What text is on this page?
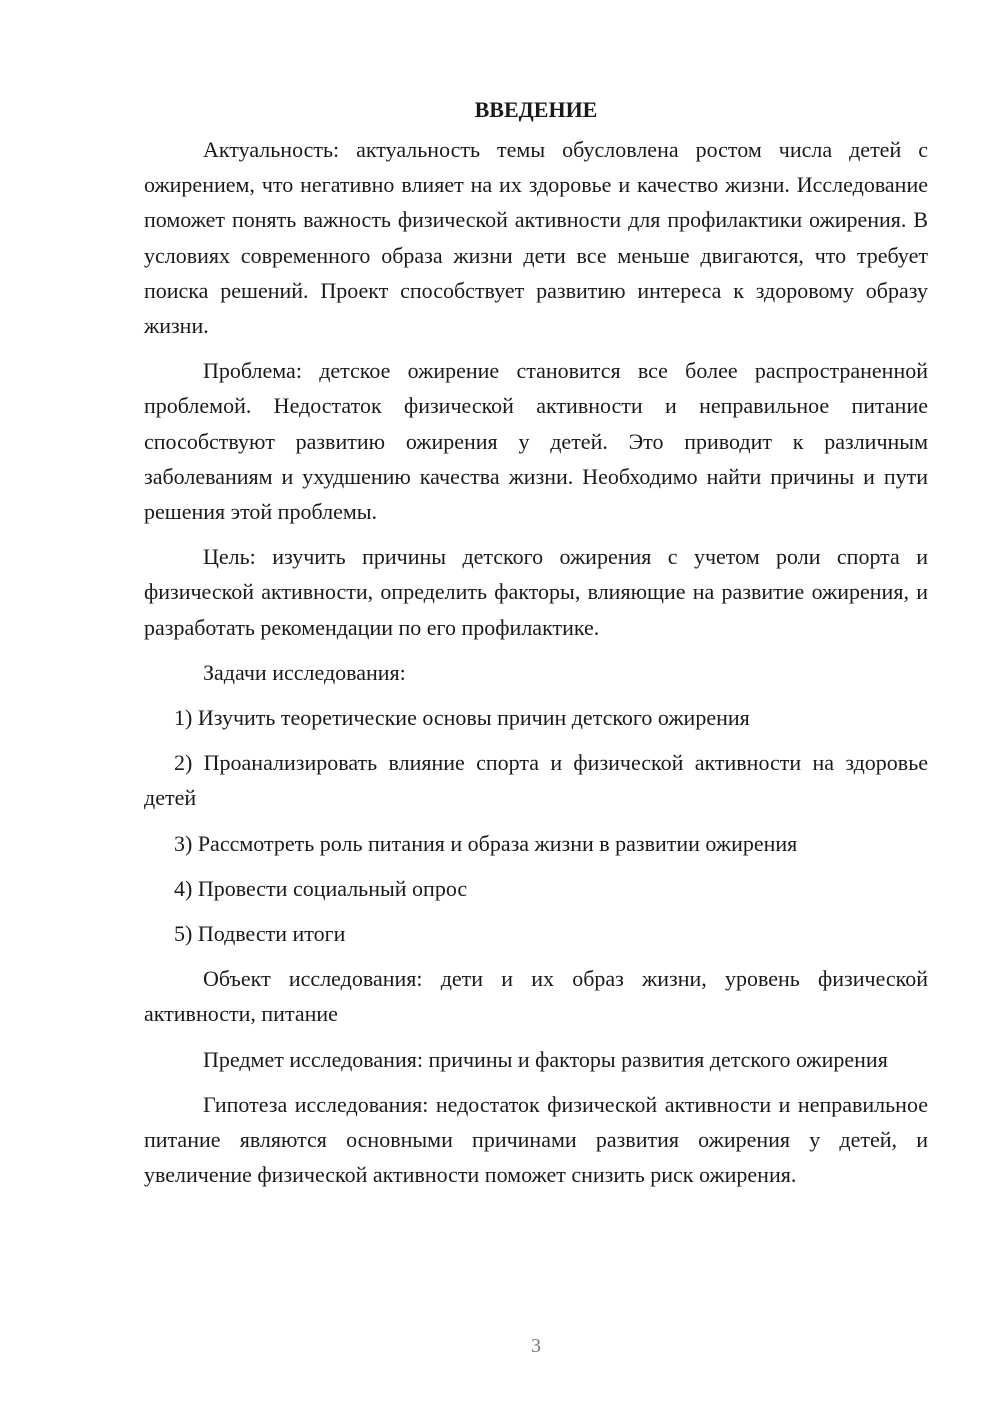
ВВЕДЕНИЕ

Актуальность: актуальность темы обусловлена ростом числа детей с ожирением, что негативно влияет на их здоровье и качество жизни. Исследование поможет понять важность физической активности для профилактики ожирения. В условиях современного образа жизни дети все меньше двигаются, что требует поиска решений. Проект способствует развитию интереса к здоровому образу жизни.

Проблема: детское ожирение становится все более распространенной проблемой. Недостаток физической активности и неправильное питание способствуют развитию ожирения у детей. Это приводит к различным заболеваниям и ухудшению качества жизни. Необходимо найти причины и пути решения этой проблемы.

Цель: изучить причины детского ожирения с учетом роли спорта и физической активности, определить факторы, влияющие на развитие ожирения, и разработать рекомендации по его профилактике.

Задачи исследования:

1) Изучить теоретические основы причин детского ожирения

2) Проанализировать влияние спорта и физической активности на здоровье детей

3) Рассмотреть роль питания и образа жизни в развитии ожирения

4) Провести социальный опрос

5) Подвести итоги

Объект исследования: дети и их образ жизни, уровень физической активности, питание

Предмет исследования: причины и факторы развития детского ожирения

Гипотеза исследования: недостаток физической активности и неправильное питание являются основными причинами развития ожирения у детей, и увеличение физической активности поможет снизить риск ожирения.

3
